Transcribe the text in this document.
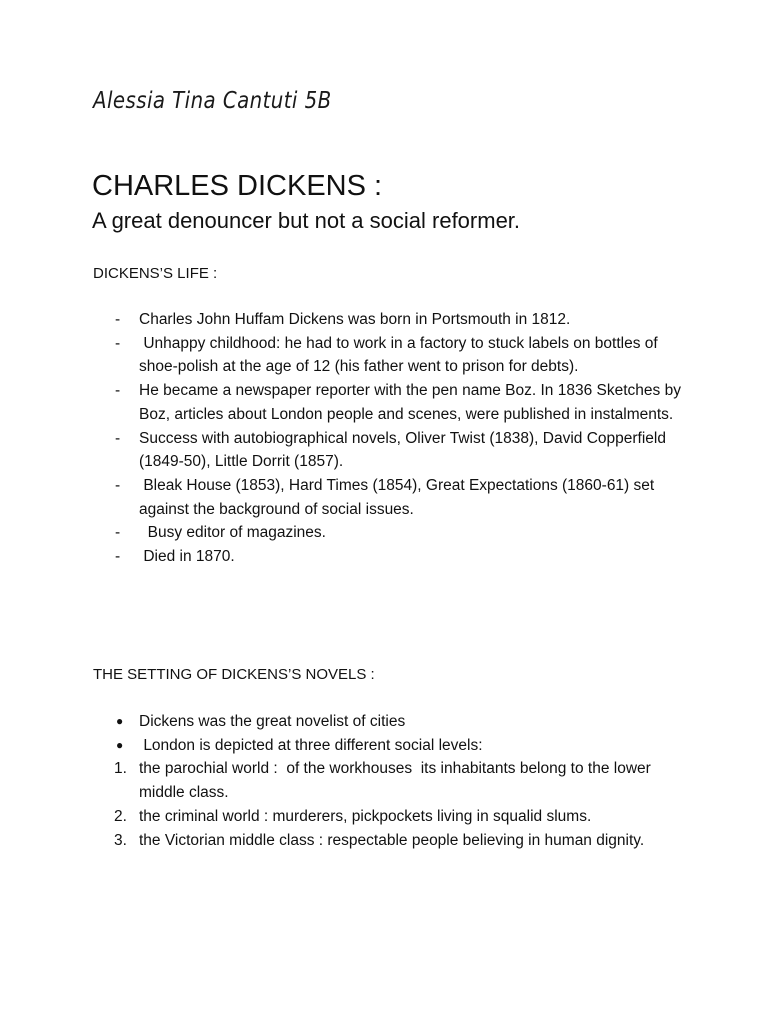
Alessia Tina Cantuti 5B
CHARLES DICKENS :
A great denouncer but not a social reformer.
DICKENS’S LIFE :
- Charles John Huffam Dickens was born in Portsmouth in 1812.
- Unhappy childhood: he had to work in a factory to stuck labels on bottles of shoe-polish at the age of 12 (his father went to prison for debts).
- He became a newspaper reporter with the pen name Boz. In 1836 Sketches by Boz, articles about London people and scenes, were published in instalments.
- Success with autobiographical novels, Oliver Twist (1838), David Copperfield (1849-50), Little Dorrit (1857).
- Bleak House (1853), Hard Times (1854), Great Expectations (1860-61) set against the background of social issues.
- Busy editor of magazines.
- Died in 1870.
THE SETTING OF DICKENS’S NOVELS :
● Dickens was the great novelist of cities
● London is depicted at three different social levels:
1. the parochial world :  of the workhouses  its inhabitants belong to the lower middle class.
2. the criminal world : murderers, pickpockets living in squalid slums.
3. the Victorian middle class : respectable people believing in human dignity.
